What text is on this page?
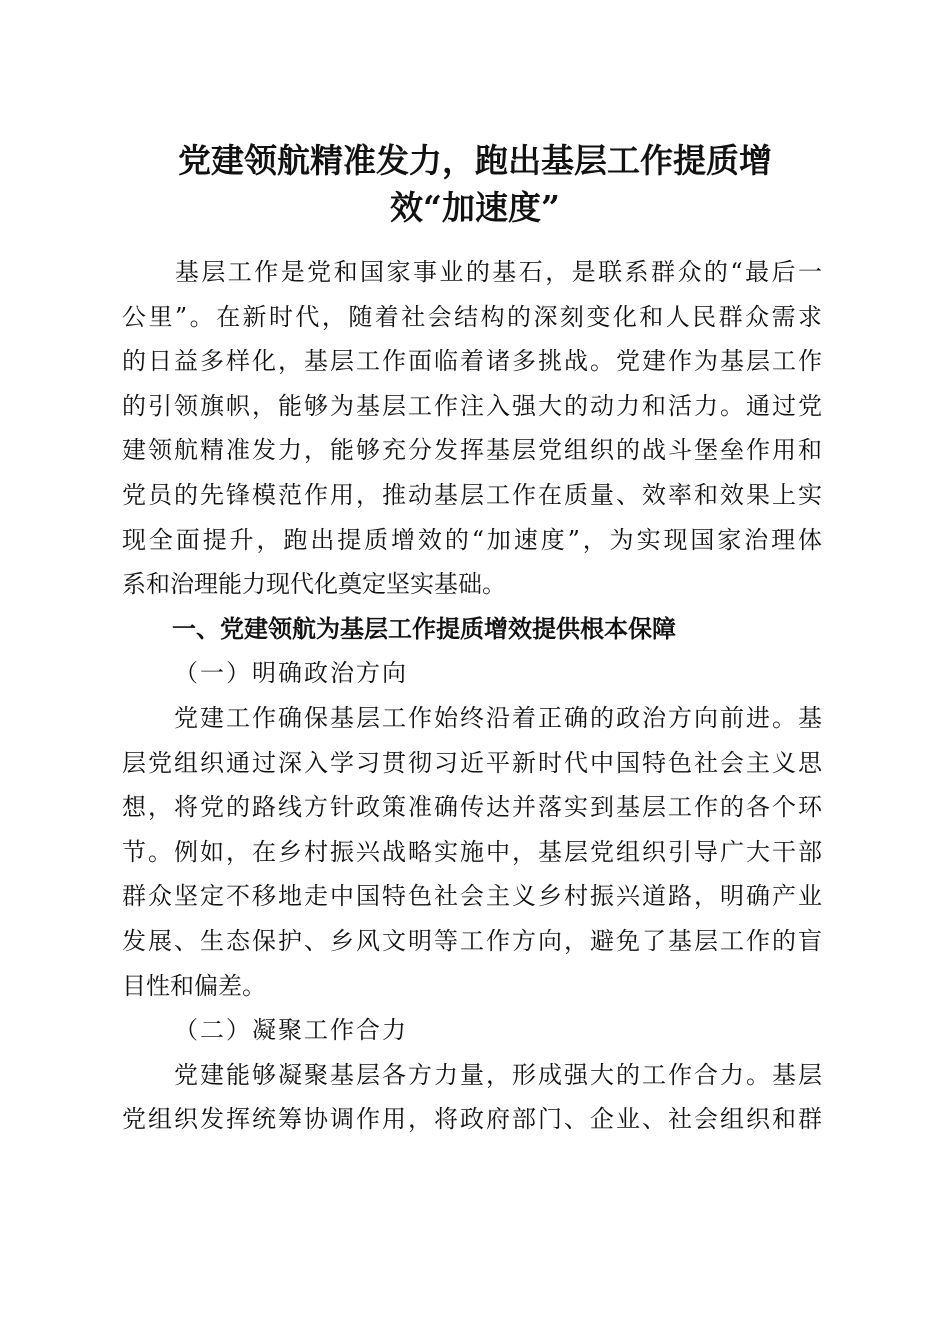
党建领航精准发力，跑出基层工作提质增
效“加速度”
　　基层工作是党和国家事业的基石，是联系群众的“最后一
公里”。在新时代，随着社会结构的深刻变化和人民群众需求
的日益多样化，基层工作面临着诸多挑战。党建作为基层工作
的引领旗帜，能够为基层工作注入强大的动力和活力。通过党
建领航精准发力，能够充分发挥基层党组织的战斗堡垒作用和
党员的先锋模范作用，推动基层工作在质量、效率和效果上实
现全面提升，跑出提质增效的“加速度”，为实现国家治理体
系和治理能力现代化奠定坚实基础。
一、党建领航为基层工作提质增效提供根本保障
（一）明确政治方向
　　党建工作确保基层工作始终沿着正确的政治方向前进。基
层党组织通过深入学习贯彻习近平新时代中国特色社会主义思
想，将党的路线方针政策准确传达并落实到基层工作的各个环
节。例如，在乡村振兴战略实施中，基层党组织引导广大干部
群众坚定不移地走中国特色社会主义乡村振兴道路，明确产业
发展、生态保护、乡风文明等工作方向，避免了基层工作的盲
目性和偏差。
（二）凝聚工作合力
　　党建能够凝聚基层各方力量，形成强大的工作合力。基层
党组织发挥统筹协调作用，将政府部门、企业、社会组织和群
